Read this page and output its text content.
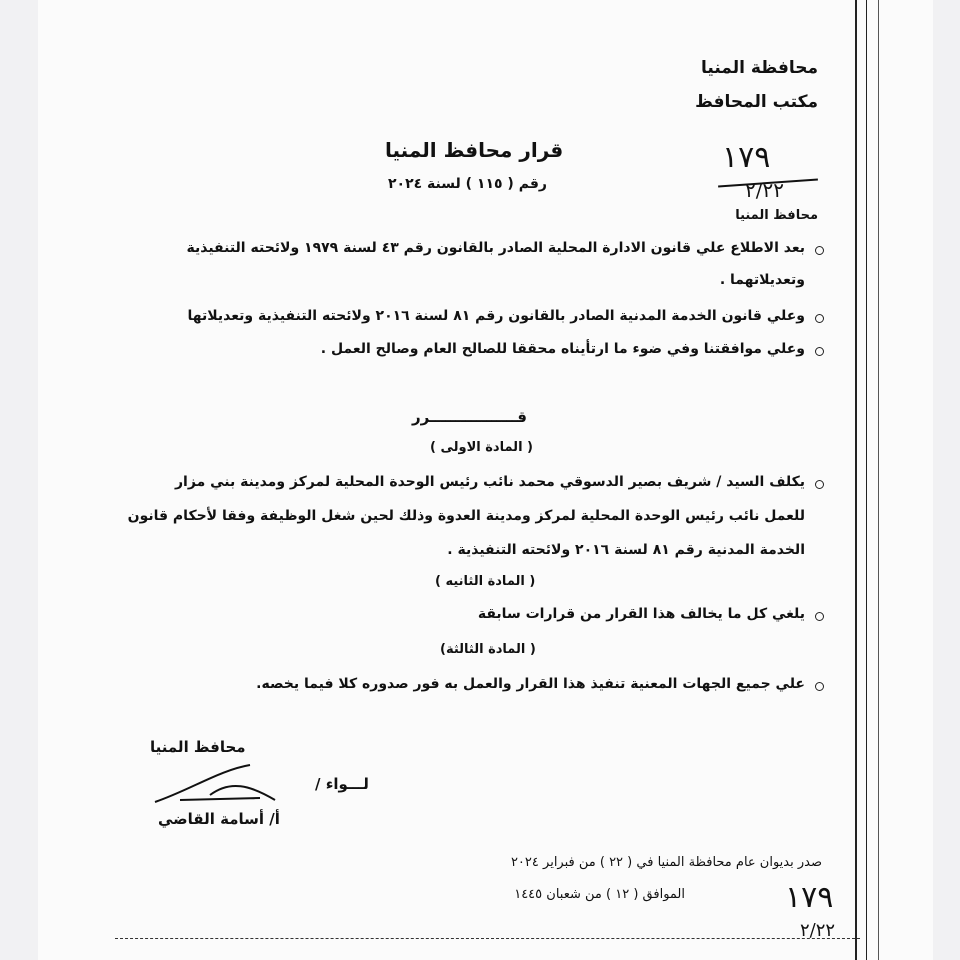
محافظة المنيا
مكتب المحافظ
قرار محافظ المنيا
رقم ( ١١٥ ) لسنة ٢٠٢٤
١٧٩
٢/٢٢
محافظ المنيا
بعد الاطلاع علي قانون الادارة المحلية الصادر بالقانون رقم ٤٣ لسنة ١٩٧٩ ولائحته التنفيذية
وتعديلاتهما .
وعلي قانون الخدمة المدنية الصادر بالقانون رقم ٨١ لسنة ٢٠١٦ ولائحته التنفيذية وتعديلاتها
وعلي موافقتنا وفي ضوء ما ارتأيناه محققا للصالح العام وصالح العمل .
قـــــــــــــــــرر
( المادة الاولى )
يكلف السيد / شريف بصير الدسوقي محمد نائب رئيس الوحدة المحلية لمركز ومدينة بني مزار
للعمل نائب رئيس الوحدة المحلية لمركز ومدينة العدوة وذلك لحين شغل الوظيفة وفقا لأحكام قانون
الخدمة المدنية رقم ٨١ لسنة ٢٠١٦ ولائحته التنفيذية .
( المادة الثانيه )
يلغي كل ما يخالف هذا القرار من قرارات سابقة
( المادة الثالثة)
علي جميع الجهات المعنية تنفيذ هذا القرار والعمل به فور صدوره كلا فيما يخصه.
محافظ المنيا
لـــواء /
أ/ أسامة القاضي
صدر بديوان عام محافظة المنيا في ( ٢٢ ) من فبراير ٢٠٢٤
الموافق ( ١٢ ) من شعبان ١٤٤٥	١٧٩
٢/٢٢
